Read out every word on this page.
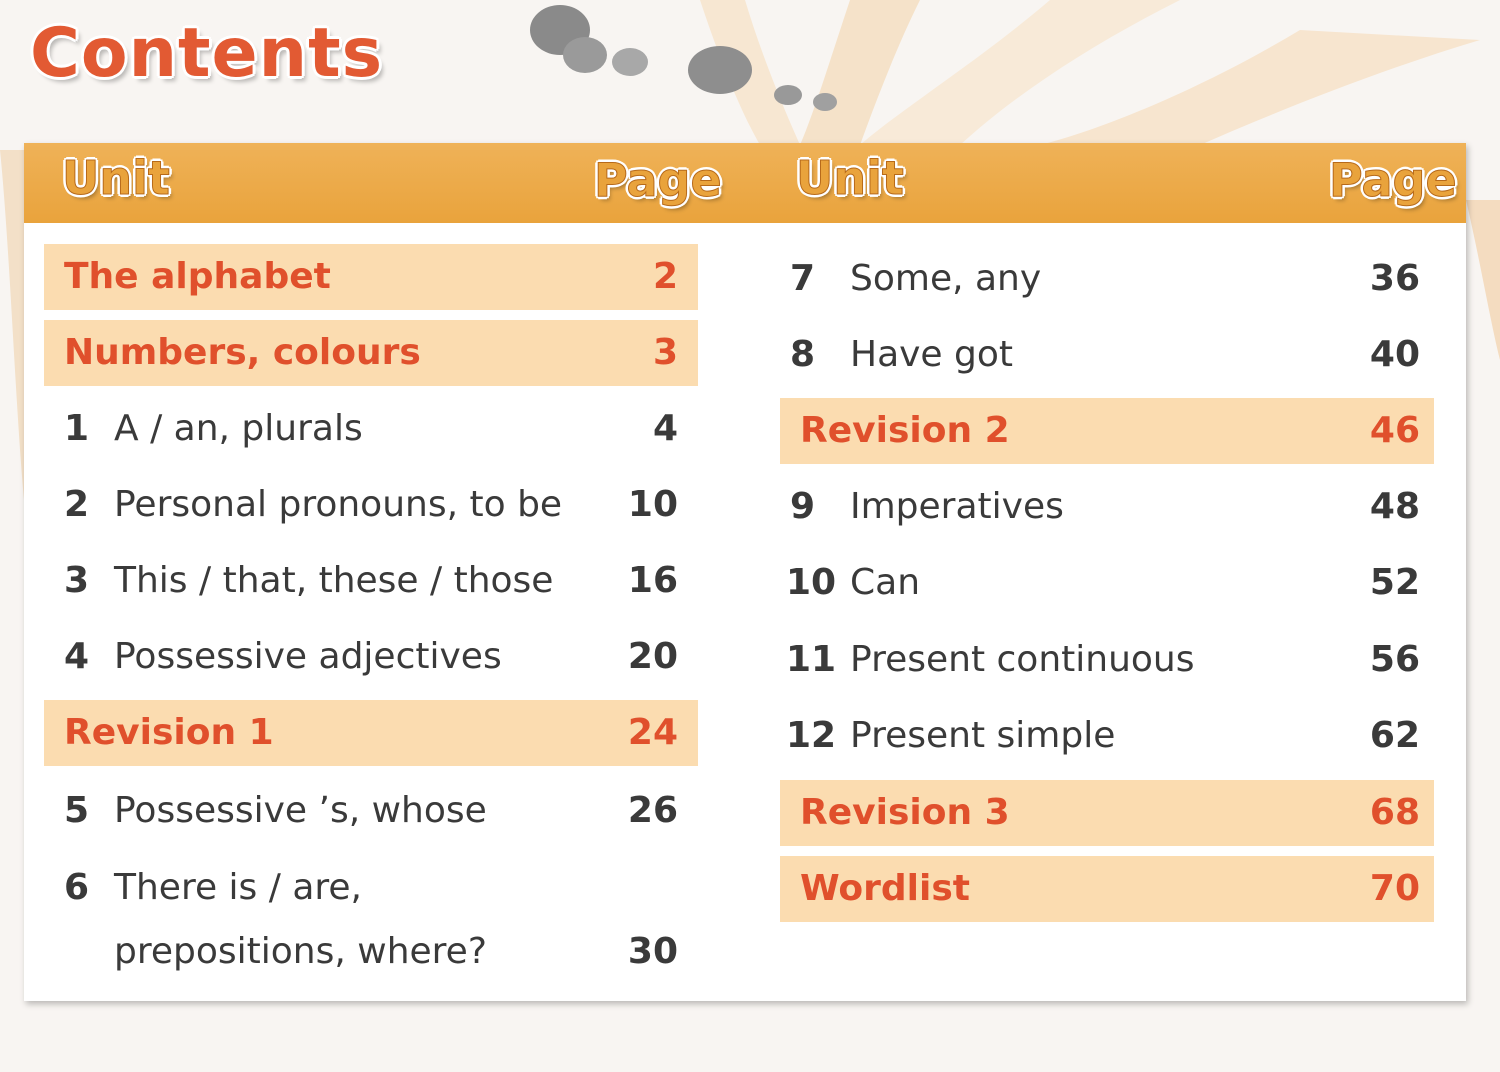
Contents
Unit	Page Unit	Page
The alphabet	2
Numbers, colours	3
1 A / an, plurals	4
2 Personal pronouns, to be 10
3 This / that, these / those 16
4 Possessive adjectives	20
Revision 1	24
5 Possessive ’s, whose	26
6 There is / are,
prepositions, where?	30
7 Some, any	36
8 Have got	40
Revision 2	46
9 Imperatives	48
10 Can	52
11 Present continuous	56
12 Present simple	62
Revision 3	68
Wordlist	70
